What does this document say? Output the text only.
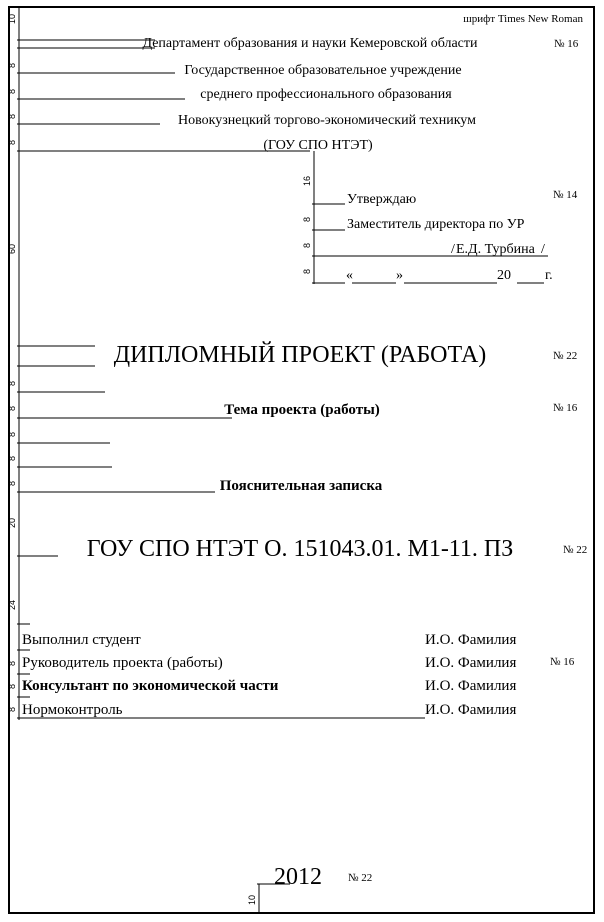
шрифт Times New Roman
Департамент образования и науки Кемеровской области
Государственное образовательное учреждение
среднего профессионального образования
Новокузнецкий торгово-экономический техникум
(ГОУ СПО НТЭТ)
Утверждаю
Заместитель директора по УР
/ Е.Д. Турбина /
«	»	20 г.
ДИПЛОМНЫЙ ПРОЕКТ (РАБОТА)
Тема проекта (работы)
Пояснительная записка
ГОУ СПО НТЭТ О. 151043.01. М1-11. ПЗ
Выполнил студент	И.О. Фамилия
Руководитель проекта (работы)	И.О. Фамилия
Консультант по экономической части	И.О. Фамилия
Нормоконтроль	И.О. Фамилия
2012
№ 16
№ 14
№ 22
№ 16
№ 22
№ 16
№ 22
10
8
8
8
8
60
16
8
8
8
8
8
8
8
8
20
24
8
8
8
10
